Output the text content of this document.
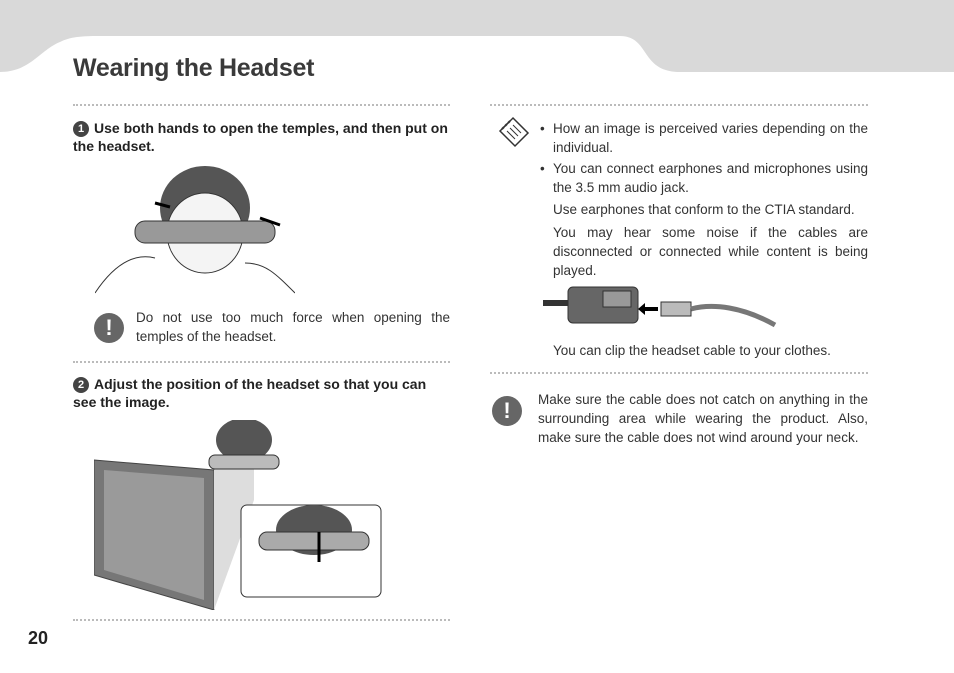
Wearing the Headset
1 Use both hands to open the temples, and then put on the headset.
!	Do not use too much force when opening the temples of the headset.
2 Adjust the position of the headset so that you can see the image.
20
• How an image is perceived varies depending on the individual.
• You can connect earphones and microphones using the 3.5 mm audio jack.
Use earphones that conform to the CTIA standard.
You may hear some noise if the cables are disconnected or connected while content is being played.
You can clip the headset cable to your clothes.
!	Make sure the cable does not catch on anything in the surrounding area while wearing the product. Also, make sure the cable does not wind around your neck.
